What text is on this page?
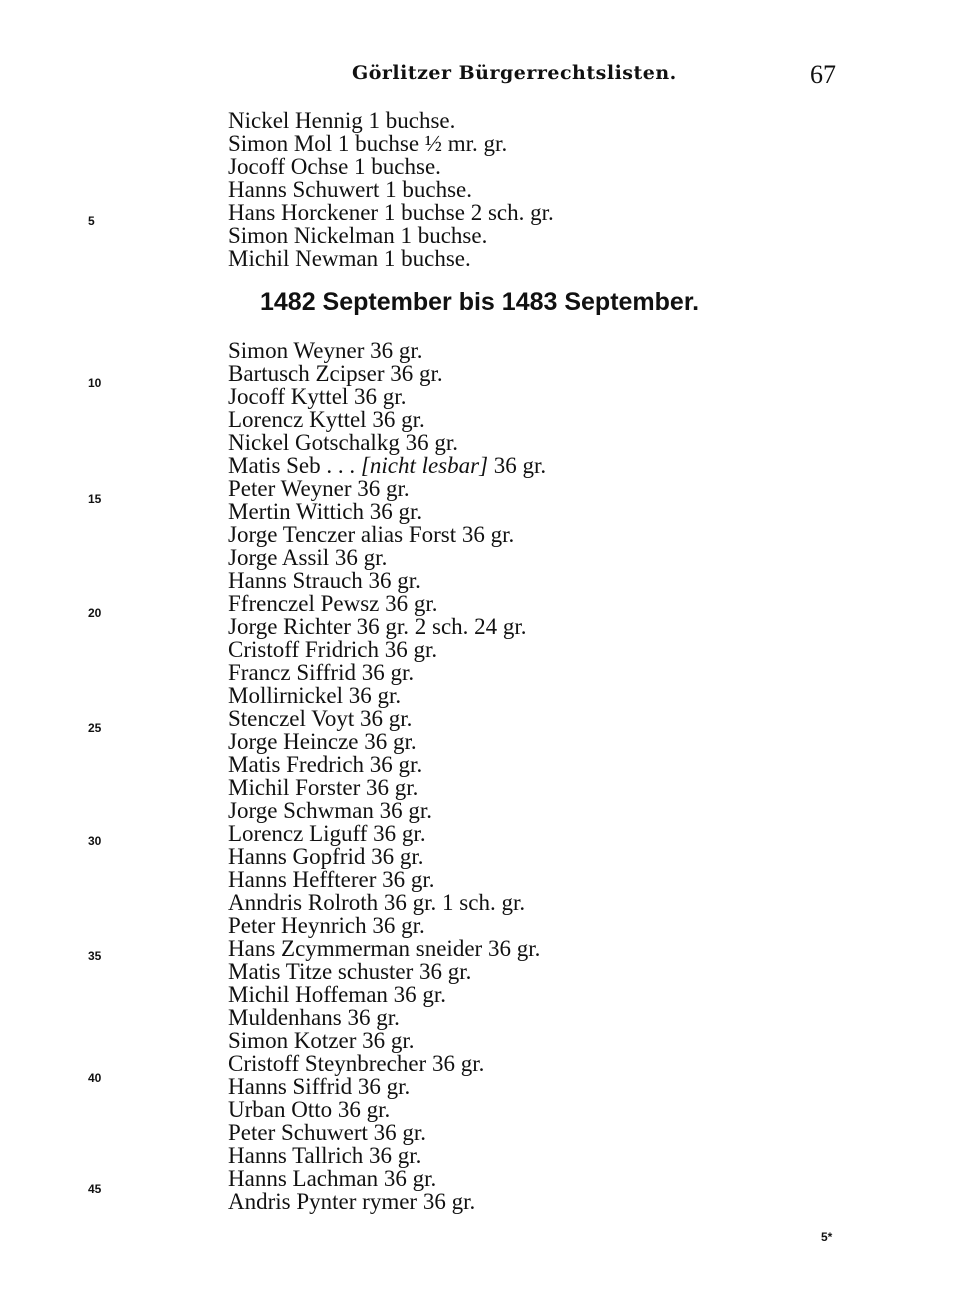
Görlitzer Bürgerrechtslisten.	67
Nickel Hennig 1 buchse.
Simon Mol 1 buchse ½ mr. gr.
Jocoff Ochse 1 buchse.
Hanns Schuwert 1 buchse.
Hans Horckener 1 buchse 2 sch. gr.
Simon Nickelman 1 buchse.
Michil Newman 1 buchse.
1482 September bis 1483 September.
Simon Weyner 36 gr.
Bartusch Zcipser 36 gr.
Jocoff Kyttel 36 gr.
Lorencz Kyttel 36 gr.
Nickel Gotschalkg 36 gr.
Matis Seb . . . [nicht lesbar] 36 gr.
Peter Weyner 36 gr.
Mertin Wittich 36 gr.
Jorge Tenczer alias Forst 36 gr.
Jorge Assil 36 gr.
Hanns Strauch 36 gr.
Ffrenczel Pewsz 36 gr.
Jorge Richter 36 gr. 2 sch. 24 gr.
Cristoff Fridrich 36 gr.
Francz Siffrid 36 gr.
Mollirnickel 36 gr.
Stenczel Voyt 36 gr.
Jorge Heincze 36 gr.
Matis Fredrich 36 gr.
Michil Forster 36 gr.
Jorge Schwman 36 gr.
Lorencz Liguff 36 gr.
Hanns Gopfrid 36 gr.
Hanns Heffterer 36 gr.
Anndris Rolroth 36 gr. 1 sch. gr.
Peter Heynrich 36 gr.
Hans Zcymmerman sneider 36 gr.
Matis Titze schuster 36 gr.
Michil Hoffeman 36 gr.
Muldenhans 36 gr.
Simon Kotzer 36 gr.
Cristoff Steynbrecher 36 gr.
Hanns Siffrid 36 gr.
Urban Otto 36 gr.
Peter Schuwert 36 gr.
Hanns Tallrich 36 gr.
Hanns Lachman 36 gr.
Andris Pynter rymer 36 gr.
5
10
15
20
25
30
35
40
45
5*
